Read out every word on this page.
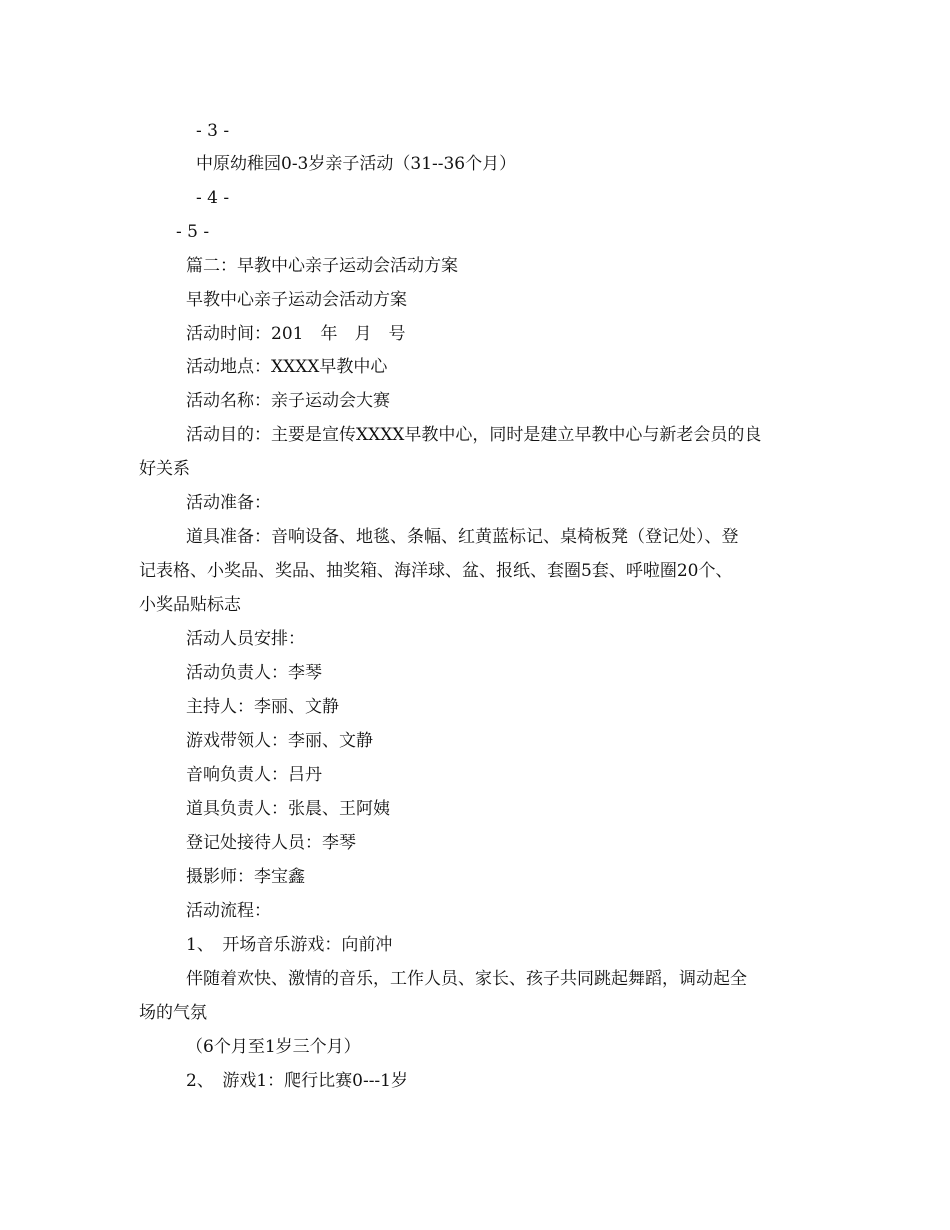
- 3 -
中原幼稚园0-3岁亲子活动（31--36个月）
- 4 -
- 5 -
篇二：早教中心亲子运动会活动方案
早教中心亲子运动会活动方案
活动时间：201　年　月　号
活动地点：XXXX早教中心
活动名称：亲子运动会大赛
活动目的：主要是宣传XXXX早教中心，同时是建立早教中心与新老会员的良
好关系
活动准备：
道具准备：音响设备、地毯、条幅、红黄蓝标记、桌椅板凳（登记处）、登
记表格、小奖品、奖品、抽奖箱、海洋球、盆、报纸、套圈5套、呼啦圈20个、
小奖品贴标志
活动人员安排：
活动负责人：李琴
主持人：李丽、文静
游戏带领人：李丽、文静
音响负责人：吕丹
道具负责人：张晨、王阿姨
登记处接待人员：李琴
摄影师：李宝鑫
活动流程：
1、　开场音乐游戏：向前冲
伴随着欢快、激情的音乐，工作人员、家长、孩子共同跳起舞蹈，调动起全
场的气氛
（6个月至1岁三个月）
2、　游戏1：爬行比赛0---1岁
